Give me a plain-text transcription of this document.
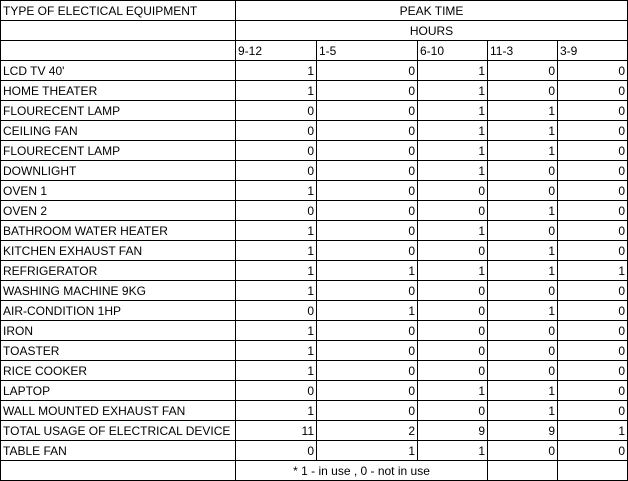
TYPE OF ELECTICAL EQUIPMENT	PEAK TIME				
	HOURS				
	9-12	1-5	6-10	11-3	3-9
LCD TV 40'	1	0	1	0	0
HOME THEATER	1	0	1	0	0
FLOURECENT LAMP	0	0	1	1	0
CEILING FAN	0	0	1	1	0
FLOURECENT LAMP	0	0	1	1	0
DOWNLIGHT	0	0	1	0	0
OVEN 1	1	0	0	0	0
OVEN 2	0	0	0	1	0
BATHROOM WATER HEATER	1	0	1	0	0
KITCHEN EXHAUST FAN	1	0	0	1	0
REFRIGERATOR	1	1	1	1	1
WASHING MACHINE 9KG	1	0	0	0	0
AIR-CONDITION 1HP	0	1	0	1	0
IRON	1	0	0	0	0
TOASTER	1	0	0	0	0
RICE COOKER	1	0	0	0	0
LAPTOP	0	0	1	1	0
WALL MOUNTED EXHAUST FAN	1	0	0	1	0
TOTAL USAGE OF ELECTRICAL DEVICE	11	2	9	9	1
TABLE FAN	0	1	1	0	0
	* 1 - in use , 0 - not in use				
